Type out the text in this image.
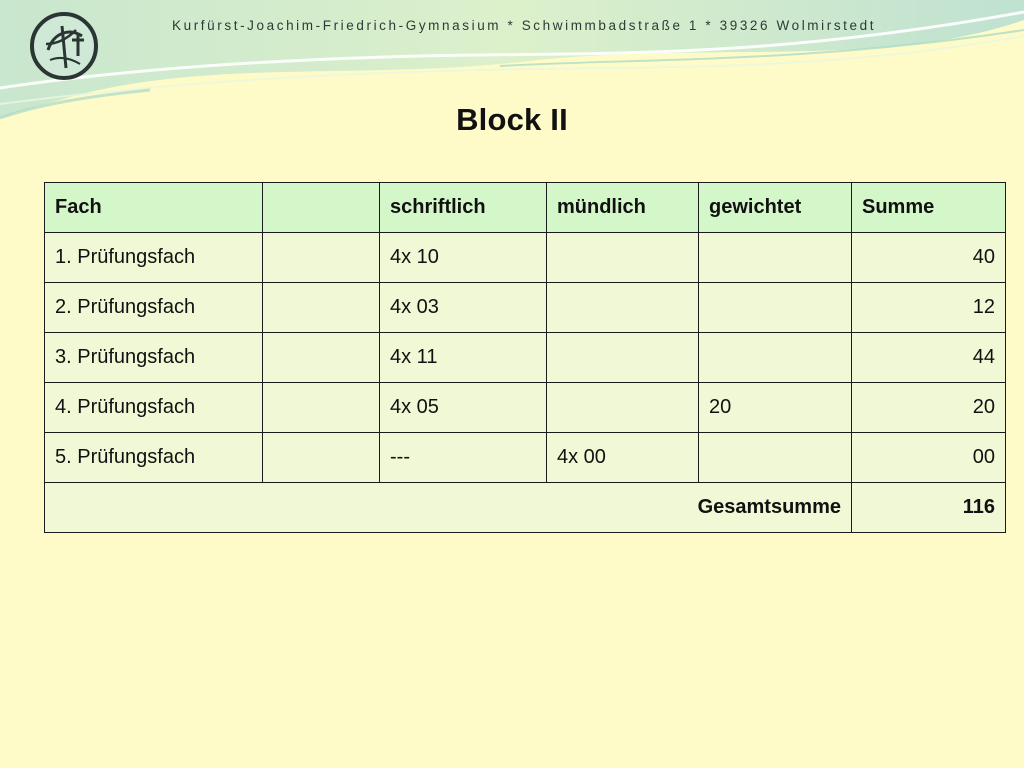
Kurfürst-Joachim-Friedrich-Gymnasium * Schwimmbadstraße 1 * 39326 Wolmirstedt
Block II
Fach		schriftlich	mündlich	gewichtet	Summe
1. Prüfungsfach		4x 10			40
2. Prüfungsfach		4x 03			12
3. Prüfungsfach		4x 11			44
4. Prüfungsfach		4x 05		20	20
5. Prüfungsfach		---	4x 00		00
Gesamtsumme					116
